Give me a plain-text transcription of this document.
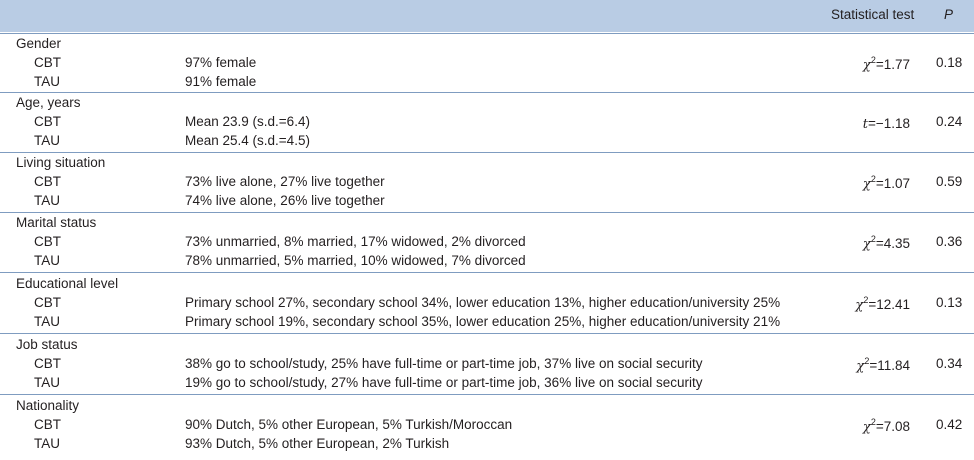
Statistical test P
Gender
CBT
TAU
97% female
91% female
$\chi^2=1.77$ 0.18
Age, years
CBT
TAU
Mean 23.9 (s.d.=6.4)
Mean 25.4 (s.d.=4.5)
t=−1.18 0.24
Living situation
CBT
TAU
73% live alone, 27% live together
74% live alone, 26% live together
$\chi^2=1.07$ 0.59
Marital status
CBT
TAU
73% unmarried, 8% married, 17% widowed, 2% divorced
78% unmarried, 5% married, 10% widowed, 7% divorced
$\chi^2=4.35$ 0.36
Educational level
CBT
TAU
Primary school 27%, secondary school 34%, lower education 13%, higher education/university 25%
Primary school 19%, secondary school 35%, lower education 25%, higher education/university 21%
$\chi^2=12.41$ 0.13
Job status
CBT
TAU
38% go to school/study, 25% have full-time or part-time job, 37% live on social security
19% go to school/study, 27% have full-time or part-time job, 36% live on social security
$\chi^2=11.84$ 0.34
Nationality
CBT
TAU
90% Dutch, 5% other European, 5% Turkish/Moroccan
93% Dutch, 5% other European, 2% Turkish
$\chi^2=7.08$ 0.42
